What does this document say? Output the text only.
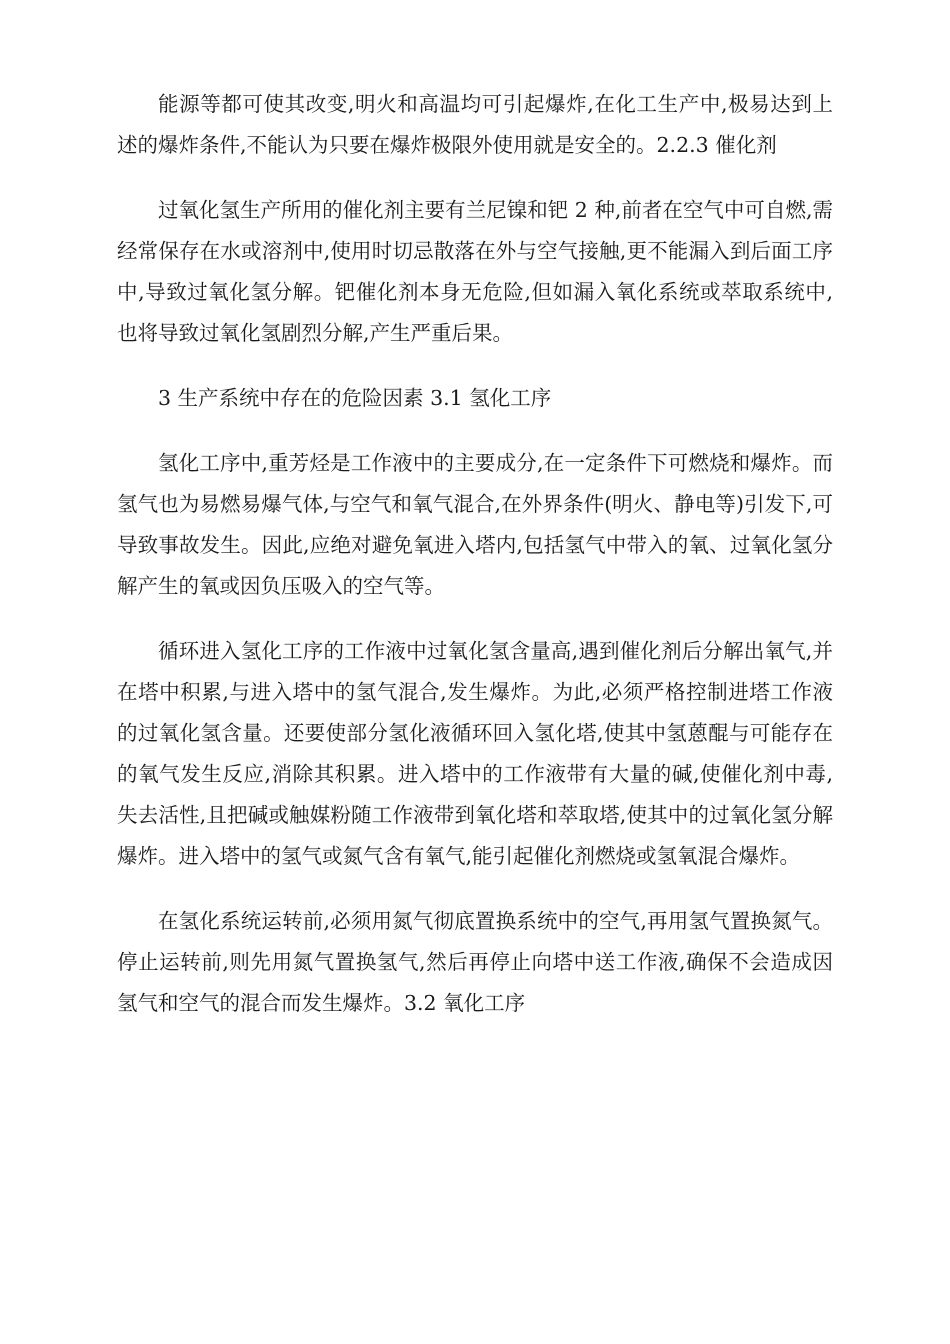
能源等都可使其改变,明火和高温均可引起爆炸,在化工生产中,极易达到上述的爆炸条件,不能认为只要在爆炸极限外使用就是安全的。2.2.3 催化剂

过氧化氢生产所用的催化剂主要有兰尼镍和钯 2 种,前者在空气中可自燃,需经常保存在水或溶剂中,使用时切忌散落在外与空气接触,更不能漏入到后面工序中,导致过氧化氢分解。钯催化剂本身无危险,但如漏入氧化系统或萃取系统中,也将导致过氧化氢剧烈分解,产生严重后果。

3 生产系统中存在的危险因素 3.1 氢化工序

氢化工序中,重芳烃是工作液中的主要成分,在一定条件下可燃烧和爆炸。而氢气也为易燃易爆气体,与空气和氧气混合,在外界条件(明火、静电等)引发下,可导致事故发生。因此,应绝对避免氧进入塔内,包括氢气中带入的氧、过氧化氢分解产生的氧或因负压吸入的空气等。

循环进入氢化工序的工作液中过氧化氢含量高,遇到催化剂后分解出氧气,并在塔中积累,与进入塔中的氢气混合,发生爆炸。为此,必须严格控制进塔工作液的过氧化氢含量。还要使部分氢化液循环回入氢化塔,使其中氢蒽醌与可能存在的氧气发生反应,消除其积累。进入塔中的工作液带有大量的碱,使催化剂中毒,失去活性,且把碱或触媒粉随工作液带到氧化塔和萃取塔,使其中的过氧化氢分解爆炸。进入塔中的氢气或氮气含有氧气,能引起催化剂燃烧或氢氧混合爆炸。

在氢化系统运转前,必须用氮气彻底置换系统中的空气,再用氢气置换氮气。停止运转前,则先用氮气置换氢气,然后再停止向塔中送工作液,确保不会造成因氢气和空气的混合而发生爆炸。3.2 氧化工序
